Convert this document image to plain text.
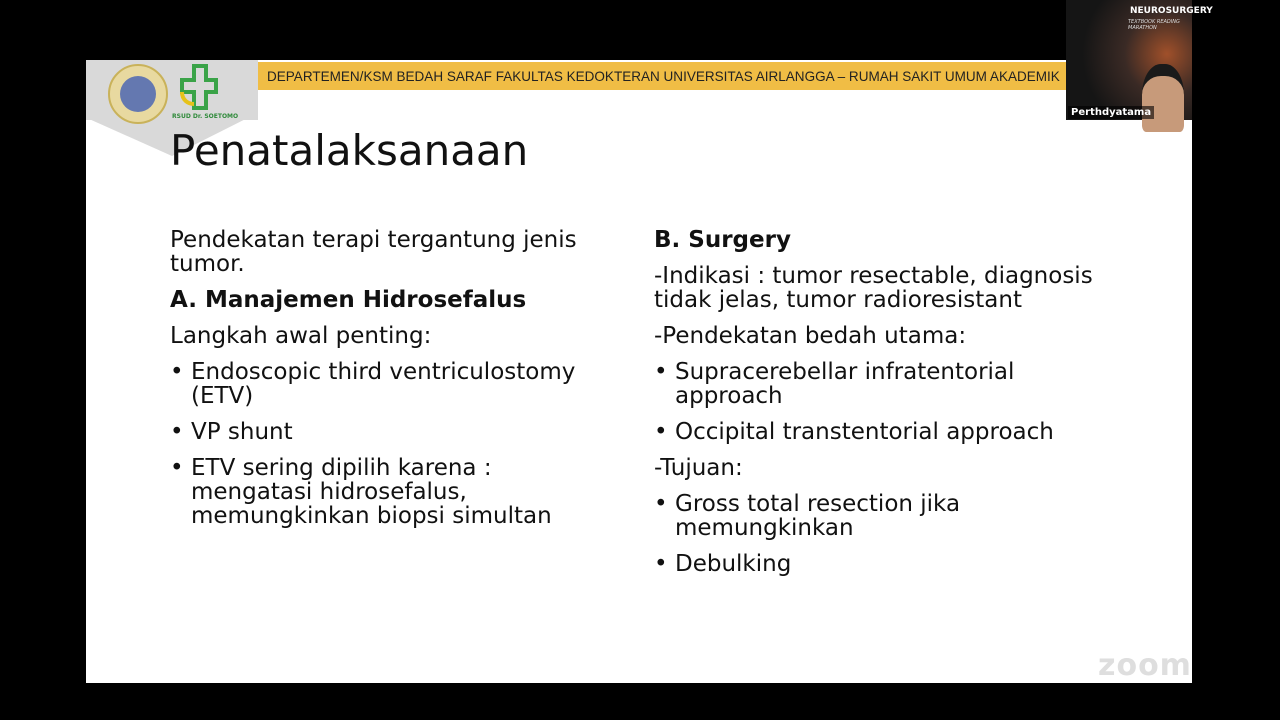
RSUD Dr. SOETOMO
DEPARTEMEN/KSM BEDAH SARAF FAKULTAS KEDOKTERAN UNIVERSITAS AIRLANGGA – RUMAH SAKIT UMUM AKADEMIK
Penatalaksanaan

Pendekatan terapi tergantung jenis tumor.

A. Manajemen Hidrosefalus

Langkah awal penting:

• Endoscopic third ventriculostomy (ETV)
• VP shunt
• ETV sering dipilih karena : mengatasi hidrosefalus, memungkinkan biopsi simultan

B. Surgery

-Indikasi : tumor resectable, diagnosis tidak jelas, tumor radioresistant

-Pendekatan bedah utama:

• Supracerebellar infratentorial approach
• Occipital transtentorial approach

-Tujuan:

• Gross total resection jika memungkinkan
• Debulking
NEUROSURGERY
TEXTBOOK READING MARATHON
Perthdyatama
zoom
